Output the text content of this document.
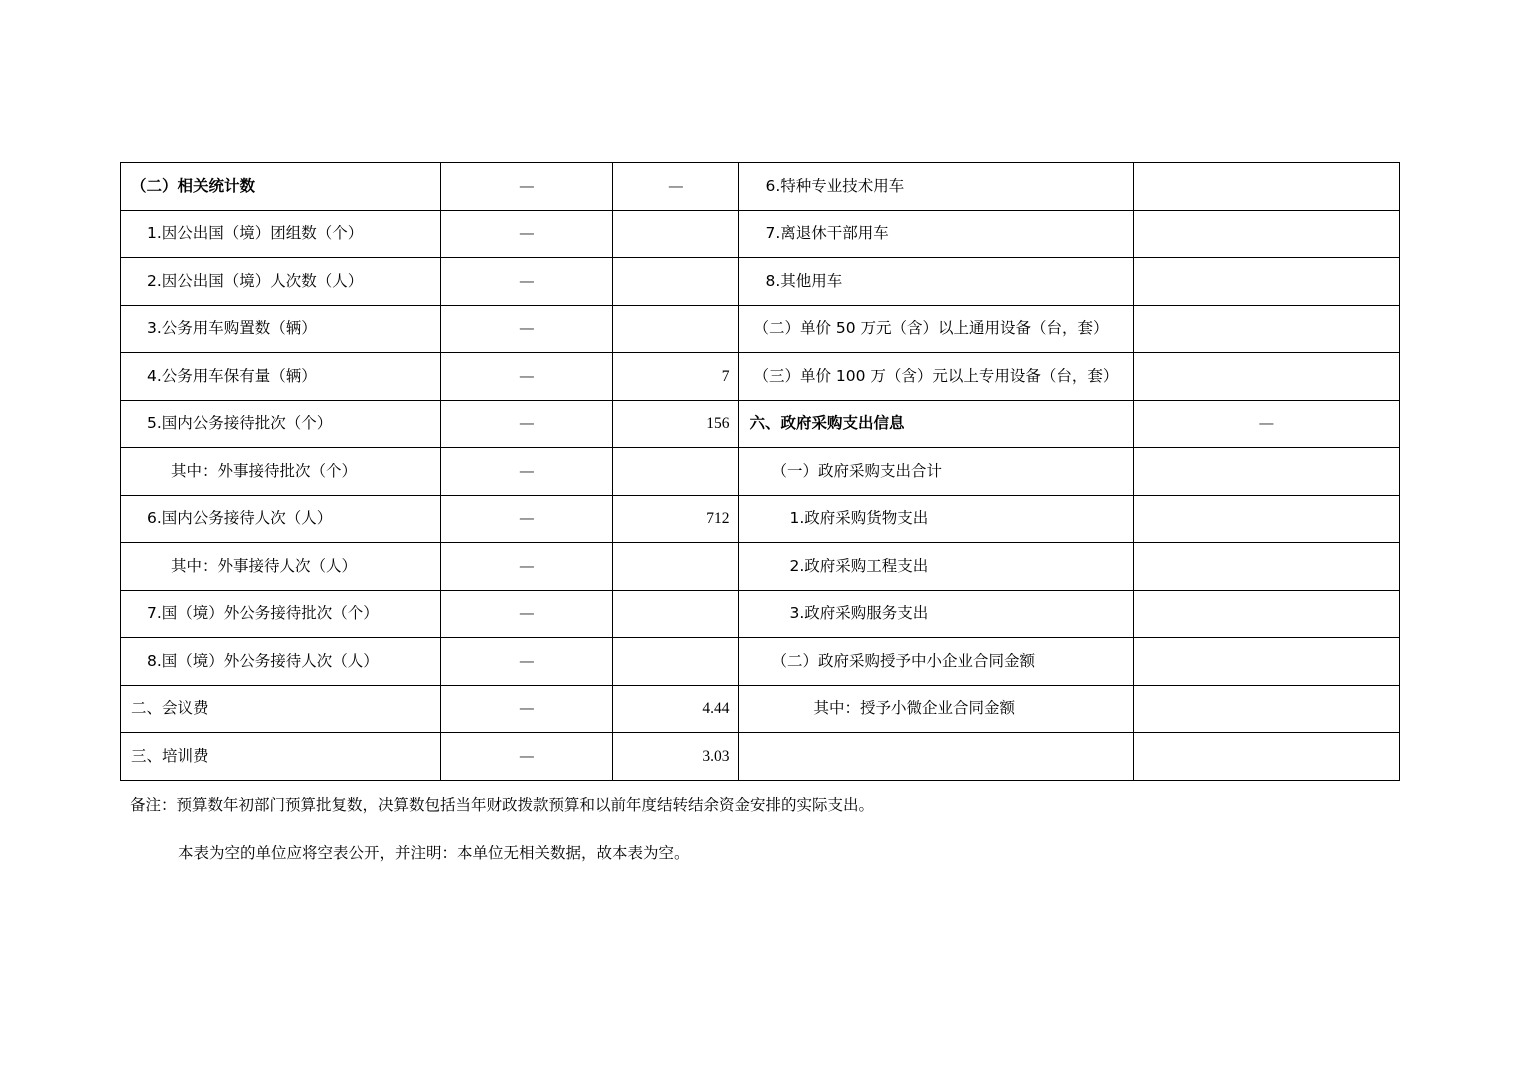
（二）相关统计数	—	—	6.特种专业技术用车	
1.因公出国（境）团组数（个）	—		7.离退休干部用车	
2.因公出国（境）人次数（人）	—		8.其他用车	
3.公务用车购置数（辆）	—		（二）单价 50 万元（含）以上通用设备（台，套）	
4.公务用车保有量（辆）	—	7	（三）单价 100 万（含）元以上专用设备（台，套）	
5.国内公务接待批次（个）	—	156	六、政府采购支出信息	—
其中：外事接待批次（个）	—		（一）政府采购支出合计	
6.国内公务接待人次（人）	—	712	1.政府采购货物支出	
其中：外事接待人次（人）	—		2.政府采购工程支出	
7.国（境）外公务接待批次（个）	—		3.政府采购服务支出	
8.国（境）外公务接待人次（人）	—		（二）政府采购授予中小企业合同金额	
二、会议费	—	4.44	其中：授予小微企业合同金额	
三、培训费	—	3.03		
备注：预算数年初部门预算批复数，决算数包括当年财政拨款预算和以前年度结转结余资金安排的实际支出。
本表为空的单位应将空表公开，并注明：本单位无相关数据，故本表为空。
